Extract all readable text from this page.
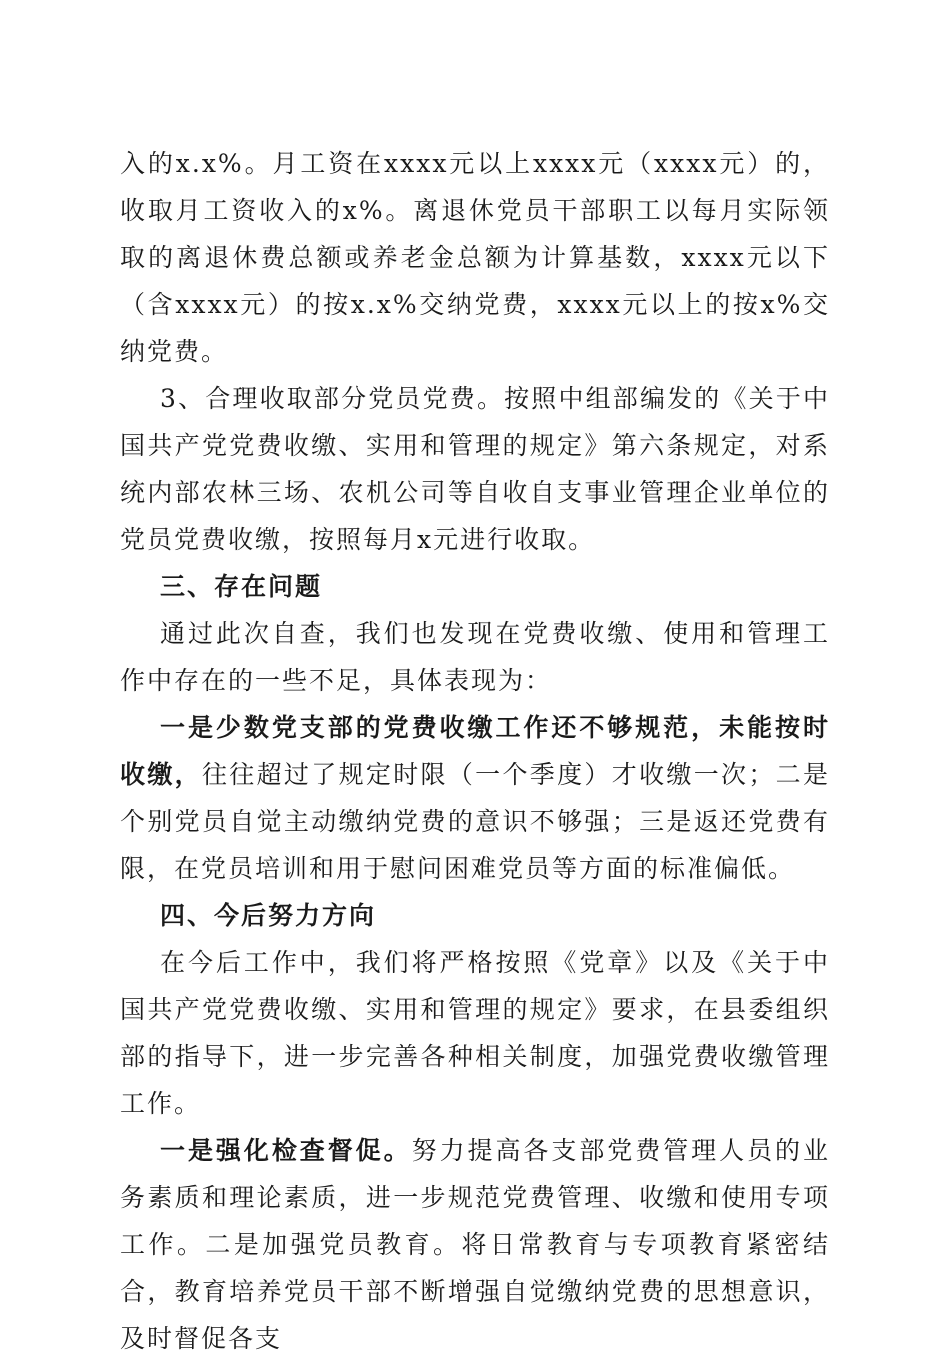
入的x.x%。月工资在xxxx元以上xxxx元（xxxx元）的，收取月工资收入的x%。离退休党员干部职工以每月实际领取的离退休费总额或养老金总额为计算基数，xxxx元以下（含xxxx元）的按x.x%交纳党费，xxxx元以上的按x%交纳党费。

3、合理收取部分党员党费。按照中组部编发的《关于中国共产党党费收缴、实用和管理的规定》第六条规定，对系统内部农林三场、农机公司等自收自支事业管理企业单位的党员党费收缴，按照每月x元进行收取。

三、存在问题

通过此次自查，我们也发现在党费收缴、使用和管理工作中存在的一些不足，具体表现为：

一是少数党支部的党费收缴工作还不够规范，未能按时收缴，往往超过了规定时限（一个季度）才收缴一次；二是个别党员自觉主动缴纳党费的意识不够强；三是返还党费有限，在党员培训和用于慰问困难党员等方面的标准偏低。

四、今后努力方向

在今后工作中，我们将严格按照《党章》以及《关于中国共产党党费收缴、实用和管理的规定》要求，在县委组织部的指导下，进一步完善各种相关制度，加强党费收缴管理工作。

一是强化检查督促。努力提高各支部党费管理人员的业务素质和理论素质，进一步规范党费管理、收缴和使用专项工作。二是加强党员教育。将日常教育与专项教育紧密结合，教育培养党员干部不断增强自觉缴纳党费的思想意识，及时督促各支
